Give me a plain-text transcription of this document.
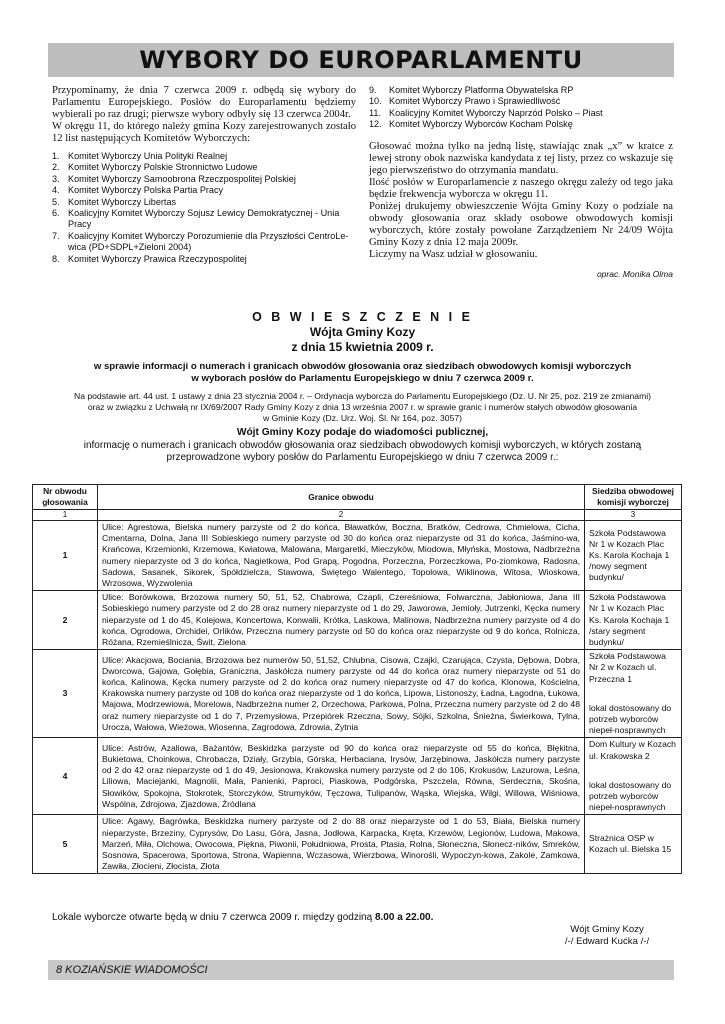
WYBORY DO EUROPARLAMENTU
Przypominamy, że dnia 7 czerwca 2009 r. odbędą się wybory do Parlamentu Europejskiego. Posłów do Europarlamentu będziemy wybierali po raz drugi; pierwsze wybory odbyły się 13 czerwca 2004r.
W okręgu 11, do którego należy gmina Kozy zarejestrowanych zostało 12 list następujących Komitetów Wyborczych:
1. Komitet Wyborczy Unia Polityki Realnej
2. Komitet Wyborczy Polskie Stronnictwo Ludowe
3. Komitet Wyborczy Samoobrona Rzeczpospolitej Polskiej
4. Komitet Wyborczy Polska Partia Pracy
5. Komitet Wyborczy Libertas
6. Koalicyjny Komitet Wyborczy Sojusz Lewicy Demokratycznej - Unia Pracy
7. Koalicyjny Komitet Wyborczy Porozumienie dla Przyszłości CentroLe-wica (PD+SDPL+Zieloni 2004)
8. Komitet Wyborczy Prawica Rzeczypospolitej
9. Komitet Wyborczy Platforma Obywatelska RP
10. Komitet Wyborczy Prawo i Sprawiedliwość
11. Koalicyjny Komitet Wyborczy Naprzód Polsko – Piast
12. Komitet Wyborczy Wyborców Kocham Polskę
Głosować można tylko na jedną listę, stawiając znak „x” w kratce z lewej strony obok nazwiska kandydata z tej listy, przez co wskazuje się jego pierwszeństwo do otrzymania mandatu.
Ilość posłów w Europarlamencie z naszego okręgu zależy od tego jaka będzie frekwencja wyborcza w okręgu 11.
Poniżej drukujemy obwieszczenie Wójta Gminy Kozy o podziale na obwody głosowania oraz składy osobowe obwodowych komisji wyborczych, które zostały powołane Zarządzeniem Nr 24/09 Wójta Gminy Kozy z dnia 12 maja 2009r.
Liczymy na Wasz udział w głosowaniu.
oprac. Monika Olma
O B W I E S Z C Z E N I E
Wójta Gminy Kozy
z dnia 15 kwietnia 2009 r.
w sprawie informacji o numerach i granicach obwodów głosowania oraz siedzibach obwodowych komisji wyborczych
w wyborach posłów do Parlamentu Europejskiego w dniu 7 czerwca 2009 r.
Na podstawie art. 44 ust. 1 ustawy z dnia 23 stycznia 2004 r. – Ordynacja wyborcza do Parlamentu Europejskiego (Dz. U. Nr 25, poz. 219 ze zmianami)
oraz w związku z Uchwałą nr IX/69/2007 Rady Gminy Kozy z dnia 13 września 2007 r. w sprawie granic i numerów stałych obwodów głosowania
w Gminie Kozy (Dz. Urz. Woj. Śl. Nr 164, poz. 3057)
Wójt Gminy Kozy podaje do wiadomości publicznej,
informację o numerach i granicach obwodów głosowania oraz siedzibach obwodowych komisji wyborczych, w których zostaną
przeprowadzone wybory posłów do Parlamentu Europejskiego w dniu 7 czerwca 2009 r.:
Nr obwodu głosowania	Granice obwodu	Siedziba obwodowej komisji wyborczej
1	2	3
1	Ulice: Agrestowa, Bielska numery parzyste od 2 do końca, Bławatków, Boczna, Bratków, Cedrowa, Chmielowa, Cicha, Cmentarna, Dolna, Jana III Sobieskiego numery parzyste od 30 do końca oraz nieparzyste od 31 do końca, Jaśmino-wa, Krańcowa, Krzemionki, Krzemowa, Kwiatowa, Malowana, Margaretki, Mieczyków, Miodowa, Młyńska, Mostowa, Nadbrzeżna numery nieparzyste od 3 do końca, Nagietkowa, Pod Grapą, Pogodna, Porzeczna, Porzeczkowa, Po-ziomkowa, Radosna, Sadowa, Sasanek, Sikorek, Spółdzielcza, Stawowa, Świętego Walentego, Topolowa, Wiklinowa, Witosa, Wioskowa, Wrzosowa, Wyzwolenia	Szkoła Podstawowa Nr 1 w Kozach Plac Ks. Karola Kochaja 1 /nowy segment budynku/

2	Ulice: Borówkowa, Brzozowa numery 50, 51, 52, Chabrowa, Czapli, Czereśniowa, Folwarczna, Jabłoniowa, Jana III Sobieskiego numery parzyste od 2 do 28 oraz numery nieparzyste od 1 do 29, Jaworowa, Jemioły, Jutrzenki, Kęcka numery nieparzyste od 1 do 45, Kolejowa, Koncertowa, Konwalii, Krótka, Laskowa, Malinowa, Nadbrzeżna numery parzyste od 4 do końca, Ogrodowa, Orchidei, Orlików, Przeczna numery parzyste od 50 do końca oraz nieparzyste od 9 do końca, Rolnicza, Różana, Rzemieślnicza, Świt, Zielona	Szkoła Podstawowa Nr 1 w Kozach Plac Ks. Karola Kochaja 1 /stary segment budynku/

3	Ulice: Akacjowa, Bociania, Brzozowa bez numerów 50, 51,52, Chlubna, Cisowa, Czajki, Czarująca, Czysta, Dębowa, Dobra, Dworcowa, Gajowa, Gołębia, Graniczna, Jaskółcza numery parzyste od 44 do końca oraz numery nieparzyste od 51 do końca, Kalinowa, Kęcka numery parzyste od 2 do końca oraz numery nieparzyste od 47 do końca, Klonowa, Kościelna, Krakowska numery parzyste od 108 do końca oraz nieparzyste od 1 do końca, Lipowa, Listonoszy, Ładna, Łagodna, Łukowa, Majowa, Modrzewiowa, Morelowa, Nadbrzeżna numer 2, Orzechowa, Parkowa, Polna, Przeczna numery parzyste od 2 do 48 oraz numery nieparzyste od 1 do 7, Przemysłowa, Przepiórek Rzeczna, Sowy, Sójki, Szkolna, Śnieżna, Świerkowa, Tylna, Urocza, Wałowa, Wieżowa, Wiosenna, Zagrodowa, Zdrowia, Żytnia	Szkoła Podstawowa Nr 2 w Kozach ul. Przeczna 1
lokal dostosowany do potrzeb wyborców niepeł-nosprawnych

4	Ulice: Astrów, Azaliowa, Bażantów, Beskidzka parzyste od 90 do końca oraz nieparzyste od 55 do końca, Błękitna, Bukietowa, Choinkowa, Chrobacza, Działy, Grzybia, Górska, Herbaciana, Irysów, Jarzębinowa, Jaskółcza numery parzyste od 2 do 42 oraz nieparzyste od 1 do 49, Jesionowa, Krakowska numery parzyste od 2 do 106, Krokusów, Lazurowa, Leśna, Liliowa, Maciejanki, Magnolii, Mała, Panienki, Paproci, Piaskowa, Podgórska, Pszczela, Równa, Serdeczna, Skośna, Słowików, Spokojna, Stokrotek, Storczyków, Strumyków, Tęczowa, Tulipanów, Wąska, Wiejska, Wilgi, Willowa, Wiśniowa, Wspólna, Zdrojowa, Zjazdowa, Źródlana	Dom Kultury w Kozach ul. Krakowska 2
lokal dostosowany do potrzeb wyborców niepeł-nosprawnych

5	Ulice: Agawy, Bagrówka, Beskidzka numery parzyste od 2 do 88 oraz nieparzyste od 1 do 53, Biała, Bielska numery nieparzyste, Brzeziny, Cyprysów, Do Lasu, Góra, Jasna, Jodłowa, Karpacka, Kręta, Krzewów, Legionów, Ludowa, Makowa, Marzeń, Miła, Olchowa, Owocowa, Piękna, Piwonii, Południowa, Prosta, Ptasia, Rolna, Słoneczna, Słonecz-ników, Smreków, Sosnowa, Spacerowa, Sportowa, Strona, Wapienna, Wczasowa, Wierzbowa, Winorośli, Wypoczyn-kowa, Zakole, Zamkowa, Zawiła, Złocieni, Złocista, Złota	Strażnica OSP w Kozach ul. Bielska 15
Lokale wyborcze otwarte będą w dniu 7 czerwca 2009 r. między godziną 8.00 a 22.00.
Wójt Gminy Kozy
/-/ Edward Kućka /-/
8 KOZIAŃSKIE WIADOMOŚCI
